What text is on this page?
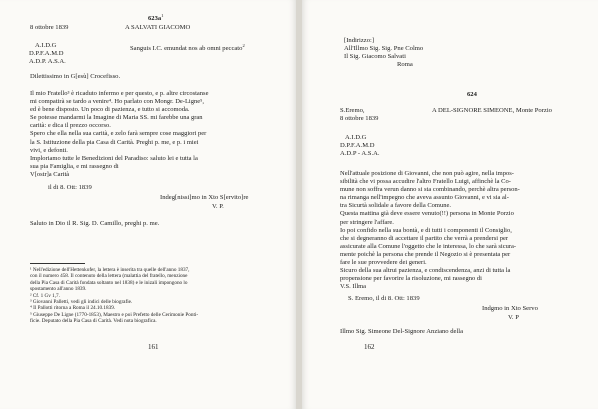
$623a^1$
8 ottobre 1839	A SALVATI GIACOMO
A.I.D.G
D.P.F.A.M.D
A.D.P. A.S.A.
Sanguis I.C. emundat nos ab omni peccato$^2$
Dilettissimo in G[esù] Crocefisso.
Il mio Fratello³ è ricaduto infermo e per questo, e p. altre circostanse
mi compatirà se tardo a venire⁴. Ho parlato con Mongr. De-Ligne⁵,
ed è bene disposto. Un poco di pazienza, e tutto si accomoda.
Se potesse mandarmi la Imagine di Maria SS. mi farebbe una gran
carità: e dica il prezzo occorso.
Spero che ella nella sua carità, e zelo farà sempre cose maggiori per
la S. Istituzione della pia Casa di Carità. Preghi p. me, e p. i miei
vivi, e defonti.
Imploriamo tutte le Benedizioni del Paradiso: saluto lei e tutta la
sua pia Famiglia, e mi rassegno di
V[ostr]a Carità
il di 8. Ott: 1839
Indeg[nissi]mo in Xto S[ervito]re
V. P.
Saluto in Dio il R. Sig. D. Camillo, preghi p. me.
¹ Nell'edizione dell'Hettenkofer, la lettera è inserita tra quelle dell'anno 1837,
con il numero 458. Il contenuto della lettera (malattia del fratello, menzione
della Pia Casa di Carità fondata soltanto nel 1838) e le inizali impongono lo
spostamento all'anno 1839.
² Cf. 1 Gv 1,7.
³ Giovanni Palletti, vedi gli indici delle biografie.
⁴ Il Pallotti ritorna a Roma il 24.10.1839.
⁵ Giuseppe De Ligne (1770-1853), Maestro e poi Prefetto delle Cerimonie Ponti-
ficie. Deputato della Pia Casa di Carità. Vedi nota biografica.
161
[Indirizzo:]
All'Illmo Sig. Sig. Pne Colmo
Il Sig. Giacomo Salvati
Roma
624
S.Eremo,
8 ottobre 1839
A DEL-SIGNORE SIMEONE, Monte Porzio
A.I.D.G
D.P.F.A.M.D
A.D.P - A.S.A.
Nell'attuale posizione di Giovanni, che non può agire, nella impos-
sibilità che vi possa accudire l'altro Fratello Luigi, affinchè la Co-
mune non soffra verun danno si sta combinando, perchè altra person-
na rimanga nell'impegno che aveva assunto Giovanni, e vi sia al-
tra Sicurtà solidale a favore della Comune.
Questa mattina già deve essere venuto(!!) persona in Monte Porzio
per stringere l'affare.
Io poi confido nella sua bontà, e di tutti i componenti il Consiglio,
che si degneranno di accettare il partito che verrà a prendersi per
assicurate alla Comune l'oggetto che le interessa, lo che sarà sicura-
mente poichè la persona che prende il Negozio si è presentata per
fare le sue provvedere dei generi.
Sicuro della sua altrui pazienza, e condiscendenza, anzi di tutta la
propensione per favorire la risoluzione, mi rassegno di
V.S. Illma
S. Eremo, il di 8. Ott: 1839
Indgmo in Xto Servo
V. P
Illmo Sig. Simeone Del-Signore Anziano della
162
